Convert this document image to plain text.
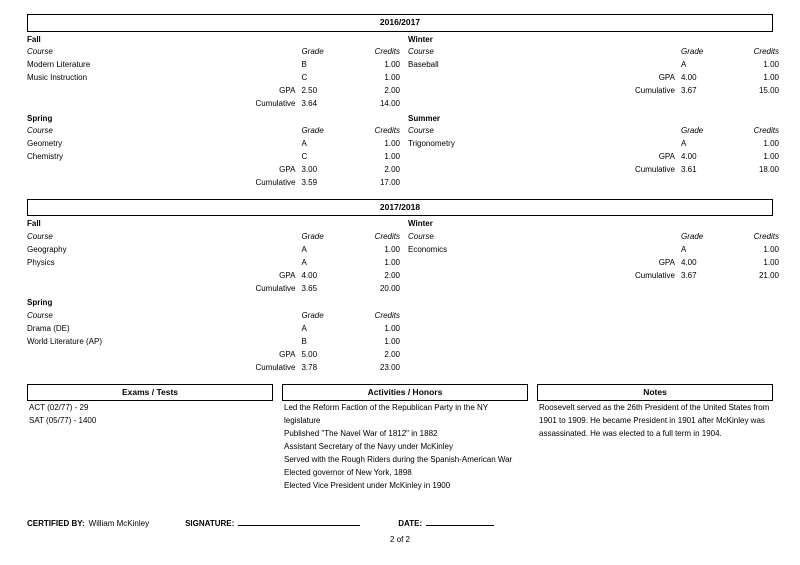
2016/2017
Fall
Course		Grade	Credits
Modern Literature		B	1.00
Music Instruction		C	1.00
	GPA	2.50	2.00
	Cumulative	3.64	14.00
Winter
Course		Grade	Credits
Baseball		A	1.00
	GPA	4.00	1.00
	Cumulative	3.67	15.00
Spring
Course		Grade	Credits
Geometry		A	1.00
Chemistry		C	1.00
	GPA	3.00	2.00
	Cumulative	3.59	17.00
Summer
Course		Grade	Credits
Trigonometry		A	1.00
	GPA	4.00	1.00
	Cumulative	3.61	18.00
2017/2018
Fall
Course		Grade	Credits
Geography		A	1.00
Physics		A	1.00
	GPA	4.00	2.00
	Cumulative	3.65	20.00
Winter
Course		Grade	Credits
Economics		A	1.00
	GPA	4.00	1.00
	Cumulative	3.67	21.00
Spring
Course		Grade	Credits
Drama (DE)		A	1.00
World Literature (AP)		B	1.00
	GPA	5.00	2.00
	Cumulative	3.78	23.00
Exams / Tests
ACT (02/77) - 29
SAT (05/77) - 1400
Activities / Honors
Led the Reform Faction of the Republican Party in the NY legislature
Published "The Navel War of 1812" in 1882
Assistant Secretary of the Navy under McKinley
Served with the Rough Riders during the Spanish-American War
Elected governor of New York, 1898
Elected Vice President under McKinley in 1900
Notes
Roosevelt served as the 26th President of the United States from 1901 to 1909. He became President in 1901 after McKinley was assassinated. He was elected to a full term in 1904.
CERTIFIED BY: William McKinley	SIGNATURE:	DATE:
2 of 2
